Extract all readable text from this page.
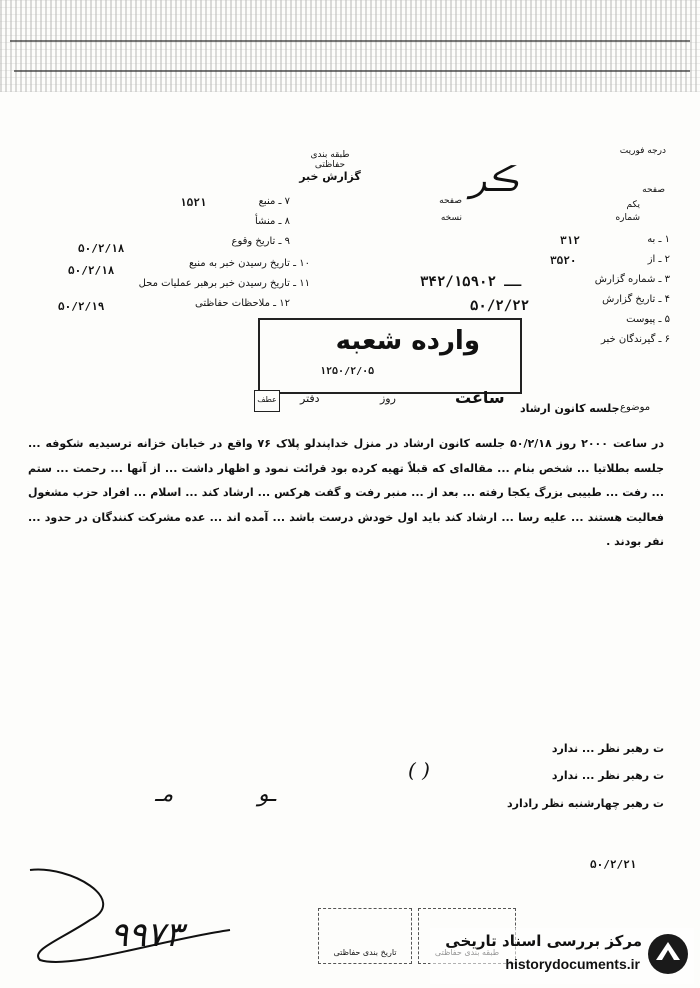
طبقه بندی حفاظتی
گزارش خبر
درجه فوریت
صفحه
صفحه
نسخه
یکم
شماره
ڪر
۷ ـ منبع
۱۵۲۱
۸ ـ منشأ
۹ ـ تاریخ وقوع
۵۰/۲/۱۸
۱۰ ـ تاریخ رسیدن خبر به منبع
۵۰/۲/۱۸
۱۱ ـ تاریخ رسیدن خبر برهبر عملیات محل
۱۲ ـ ملاحظات حفاظتی
۵۰/۲/۱۹
۱ ـ به
۳۱۲
۲ ـ از
۳۵۲۰
۳ ـ شماره گزارش
۳۴۲/۱ــ ۵۹۰۲
۴ ـ تاریخ گزارش
۵۰/۲/۲۲
۵ ـ پیوست
۶ ـ گیرندگان خبر
وارده شعبه
۱۲۵۰/۲/۰۵
ساعت
روز
دفتر
عطف
موضوع
جلسه کانون ارشاد
در ساعت ۲۰۰۰ روز ۵۰/۲/۱۸ جلسه کانون ارشاد در منزل خداپندلو پلاک ۷۶ واقع در خیابان خزانه ترسیدیه شکوفه ... جلسه بطلاتیا ... شخص بنام ... مقاله‌ای که قبلاً تهیه کرده بود قرائت نمود و اظهار داشت ... از آنها ... رحمت ... ستم ... رفت ... طبیبی بزرگ یکجا رفته ... بعد از ... منبر رفت و گفت هرکس ... ارشاد کند ... اسلام ... افراد حزب مشغول فعالیت هستند ... علیه رسا ... ارشاد کند باید اول خودش درست باشد ... آمده اند ... عده مشرکت کنندگان در حدود ... نفر بودند .
ت رهبر نظر ... ندارد
ت رهبر نظر ... ندارد
ت رهبر چهارشنبه نظر رادارد
مـ	ـو
( )
۵۰/۲/۲۱
۹۹۷۳	تاریخ بندی حفاظتی
مرکز بررسی اسناد تاریخی
historydocuments.ir
